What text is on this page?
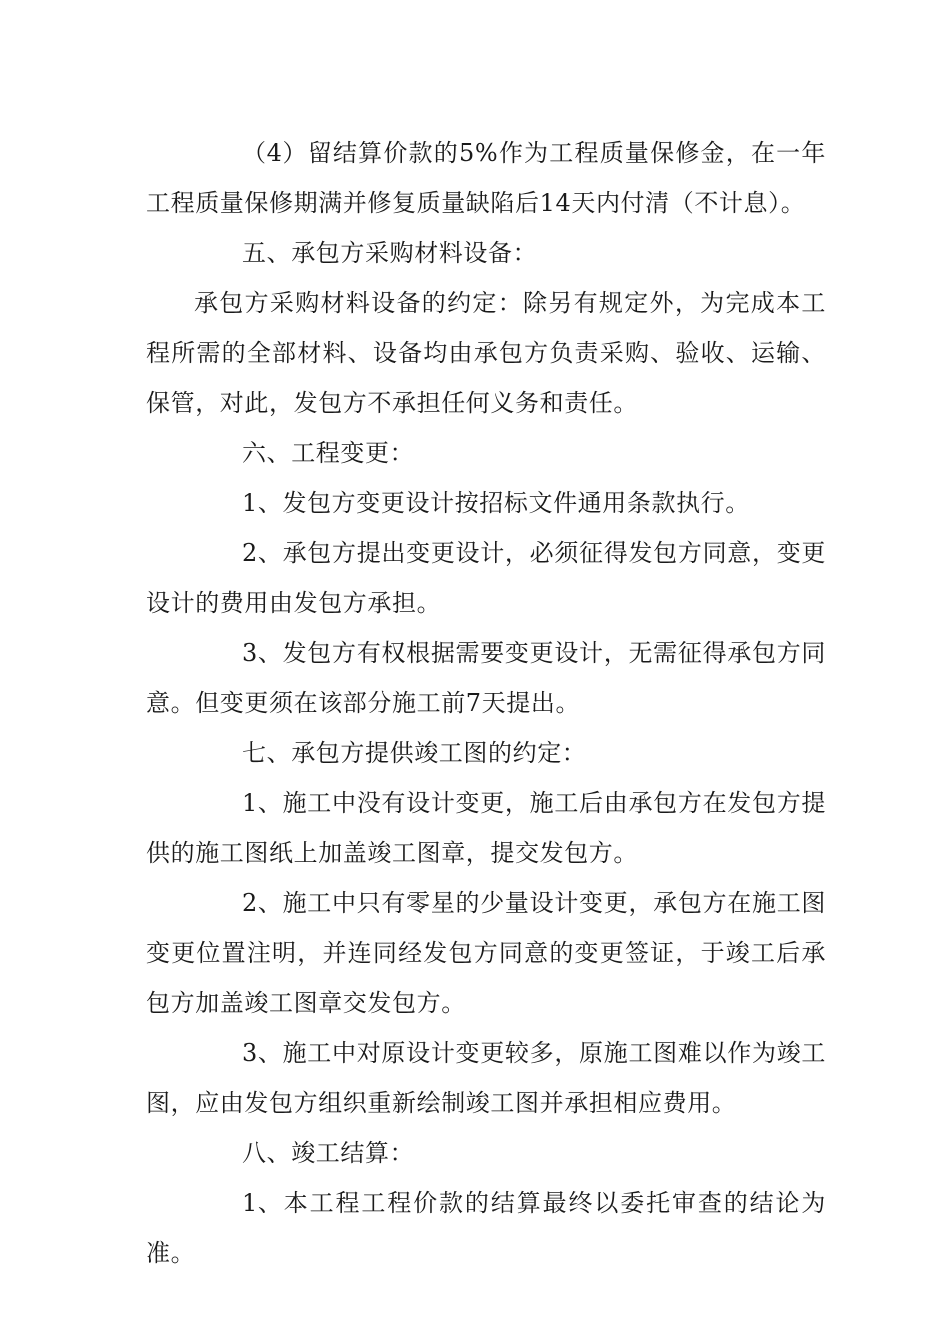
（4）留结算价款的5%作为工程质量保修金，在一年工程质量保修期满并修复质量缺陷后14天内付清（不计息）。

五、承包方采购材料设备：

承包方采购材料设备的约定：除另有规定外，为完成本工程所需的全部材料、设备均由承包方负责采购、验收、运输、保管，对此，发包方不承担任何义务和责任。

六、工程变更：

1、发包方变更设计按招标文件通用条款执行。

2、承包方提出变更设计，必须征得发包方同意，变更设计的费用由发包方承担。

3、发包方有权根据需要变更设计，无需征得承包方同意。但变更须在该部分施工前7天提出。

七、承包方提供竣工图的约定：

1、施工中没有设计变更，施工后由承包方在发包方提供的施工图纸上加盖竣工图章，提交发包方。

2、施工中只有零星的少量设计变更，承包方在施工图变更位置注明，并连同经发包方同意的变更签证，于竣工后承包方加盖竣工图章交发包方。

3、施工中对原设计变更较多，原施工图难以作为竣工图，应由发包方组织重新绘制竣工图并承担相应费用。

八、竣工结算：

1、本工程工程价款的结算最终以委托审查的结论为准。
